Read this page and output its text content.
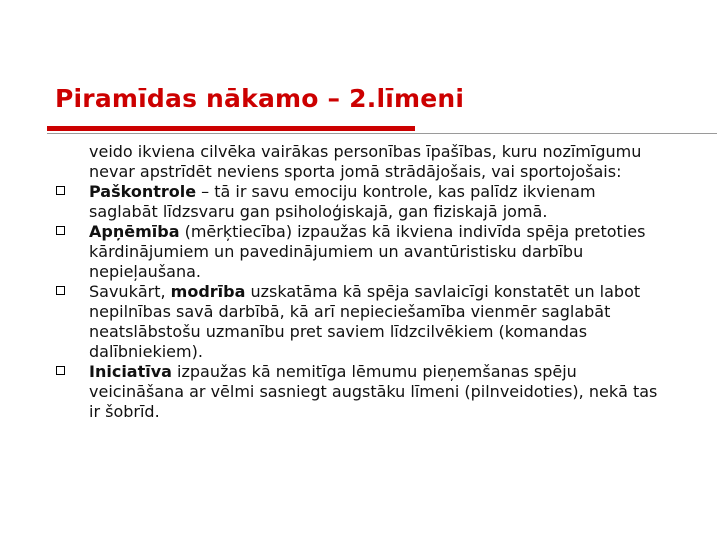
Piramīdas nākamo – 2.līmeni

veido ikviena cilvēka vairākas personības īpašības, kuru nozīmīgumu nevar apstrīdēt neviens sporta jomā strādājošais, vai sportojošais:

Paškontrole – tā ir savu emociju kontrole, kas palīdz ikvienam saglabāt līdzsvaru gan psiholoģiskajā, gan fiziskajā jomā.

Apņēmība (mērķtiecība) izpaužas kā ikviena indivīda spēja pretoties kārdinājumiem un pavedinājumiem un avantūristisku darbību nepieļaušana.

Savukārt, modrība uzskatāma kā spēja savlaicīgi konstatēt un labot nepilnības savā darbībā, kā arī nepieciešamība vienmēr saglabāt neatslābstošu uzmanību pret saviem līdzcilvēkiem (komandas dalībniekiem).

Iniciatīva izpaužas kā nemitīga lēmumu pieņemšanas spēju veicināšana ar vēlmi sasniegt augstāku līmeni (pilnveidoties), nekā tas ir šobrīd.
